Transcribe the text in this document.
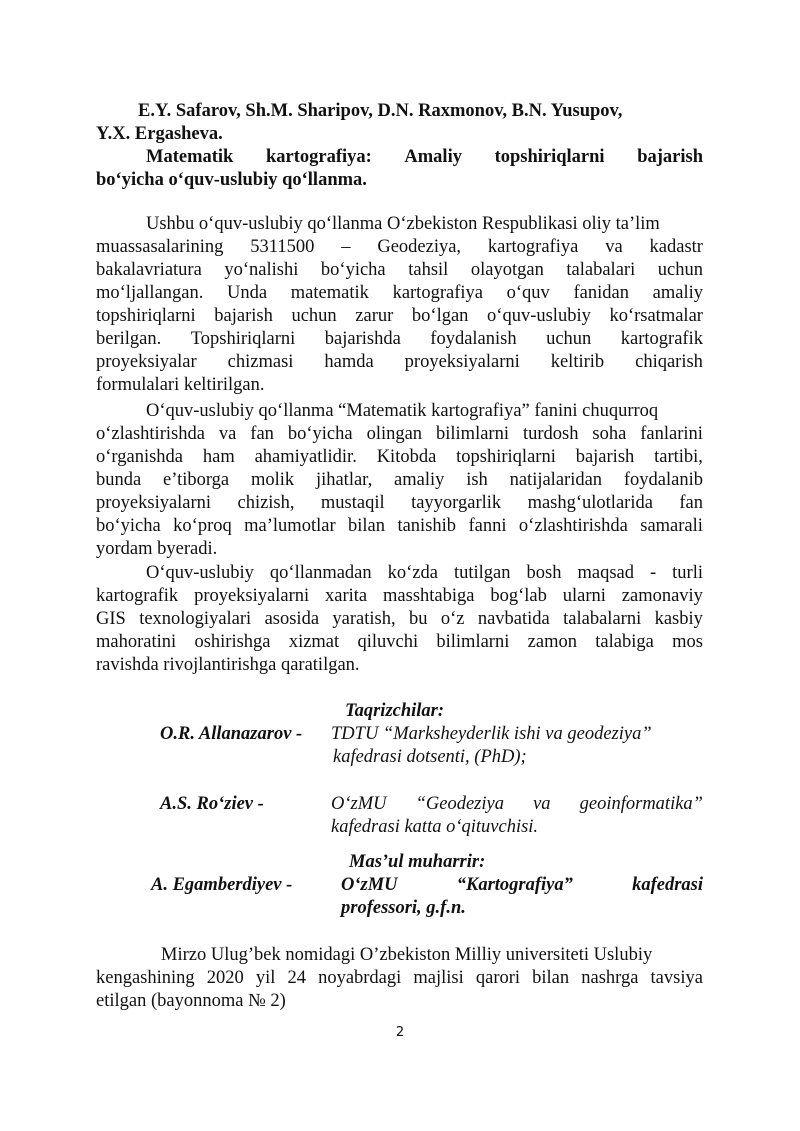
E.Y. Safarov, Sh.M. Sharipov, D.N. Raxmonov, B.N. Yusupov,
Y.X. Ergasheva.
Matematik kartografiya: Amaliy topshiriqlarni bajarish
bo‘yicha o‘quv-uslubiy qo‘llanma.
Ushbu o‘quv-uslubiy qo‘llanma O‘zbekiston Respublikasi oliy ta’lim
muassasalarining 5311500 – Geodeziya, kartografiya va kadastr
bakalavriatura yo‘nalishi bo‘yicha tahsil olayotgan talabalari uchun
mo‘ljallangan. Unda matematik kartografiya o‘quv fanidan amaliy
topshiriqlarni bajarish uchun zarur bo‘lgan o‘quv-uslubiy ko‘rsatmalar
berilgan. Topshiriqlarni bajarishda foydalanish uchun kartografik
proyeksiyalar chizmasi hamda proyeksiyalarni keltirib chiqarish
formulalari keltirilgan.
O‘quv-uslubiy qo‘llanma “Matematik kartografiya” fanini chuqurroq
o‘zlashtirishda va fan bo‘yicha olingan bilimlarni turdosh soha fanlarini
o‘rganishda ham ahamiyatlidir. Kitobda topshiriqlarni bajarish tartibi,
bunda e’tiborga molik jihatlar, amaliy ish natijalaridan foydalanib
proyeksiyalarni chizish, mustaqil tayyorgarlik mashg‘ulotlarida fan
bo‘yicha ko‘proq ma’lumotlar bilan tanishib fanni o‘zlashtirishda samarali
yordam byeradi.
O‘quv-uslubiy qo‘llanmadan ko‘zda tutilgan bosh maqsad - turli
kartografik proyeksiyalarni xarita masshtabiga bog‘lab ularni zamonaviy
GIS texnologiyalari asosida yaratish, bu o‘z navbatida talabalarni kasbiy
mahoratini oshirishga xizmat qiluvchi bilimlarni zamon talabiga mos
ravishda rivojlantirishga qaratilgan.
Taqrizchilar:
O.R. Allanazarov - TDTU “Marksheyderlik ishi va geodeziya”
kafedrasi dotsenti, (PhD);
A.S. Ro‘ziev -	O‘zMU “Geodeziya va geoinformatika”
kafedrasi katta o‘qituvchisi.
Mas’ul muharrir:
A. Egamberdiyev -	O‘zMU	“Kartografiya”	kafedrasi
professori, g.f.n.
Mirzo Ulug’bek nomidagi O’zbekiston Milliy universiteti Uslubiy
kengashining 2020 yil 24 noyabrdagi majlisi qarori bilan nashrga tavsiya
etilgan (bayonnoma № 2)
2
